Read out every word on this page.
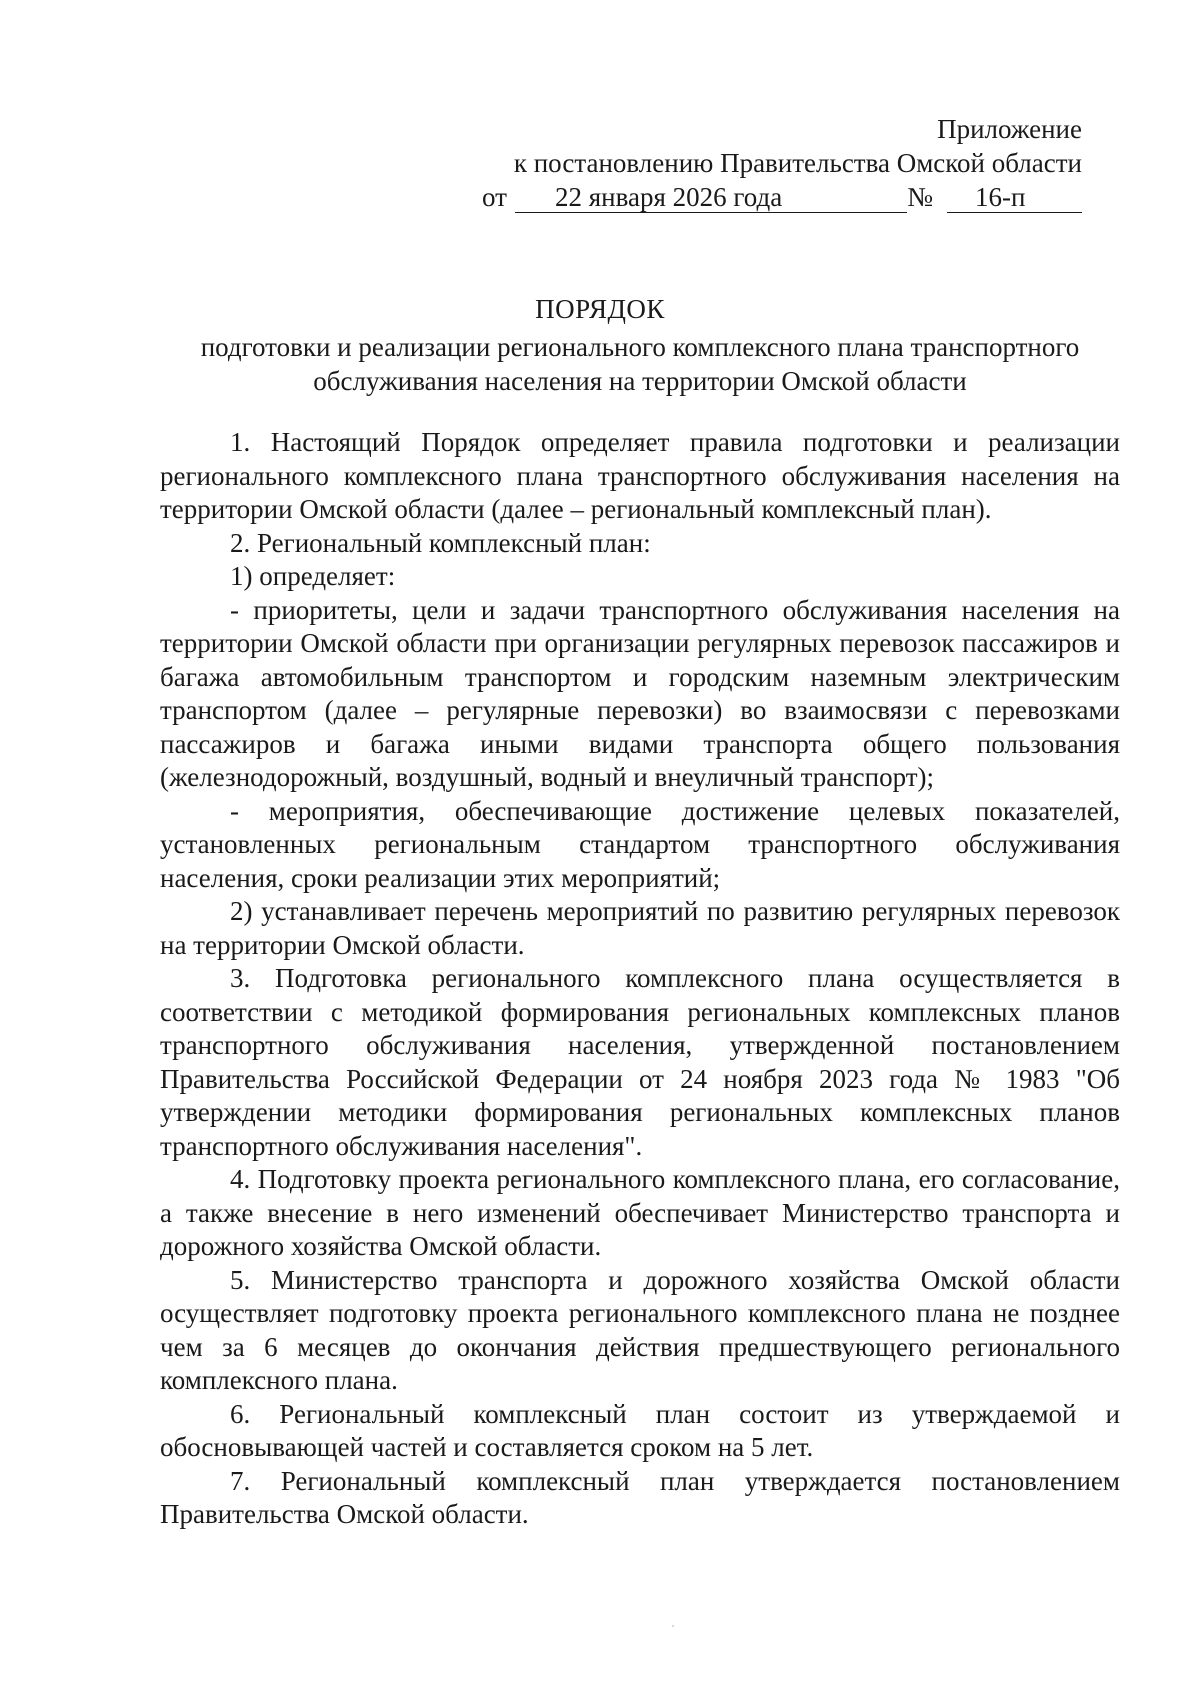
Приложение
к постановлению Правительства Омской области
от	22 января 2026 года	№	16-п
ПОРЯДОК
подготовки и реализации регионального комплексного плана транспортного обслуживания населения на территории Омской области

1. Настоящий Порядок определяет правила подготовки и реализации регионального комплексного плана транспортного обслуживания населения на территории Омской области (далее – региональный комплексный план).

2. Региональный комплексный план:

1) определяет:

- приоритеты, цели и задачи транспортного обслуживания населения на территории Омской области при организации регулярных перевозок пассажиров и багажа автомобильным транспортом и городским наземным электрическим транспортом (далее – регулярные перевозки) во взаимосвязи с перевозками пассажиров и багажа иными видами транспорта общего пользования (железнодорожный, воздушный, водный и внеуличный транспорт);

- мероприятия, обеспечивающие достижение целевых показателей, установленных региональным стандартом транспортного обслуживания населения, сроки реализации этих мероприятий;

2) устанавливает перечень мероприятий по развитию регулярных перевозок на территории Омской области.

3. Подготовка регионального комплексного плана осуществляется в соответствии с методикой формирования региональных комплексных планов транспортного обслуживания населения, утвержденной постановлением Правительства Российской Федерации от 24 ноября 2023 года № 1983 "Об утверждении методики формирования региональных комплексных планов транспортного обслуживания населения".

4. Подготовку проекта регионального комплексного плана, его согласование, а также внесение в него изменений обеспечивает Министерство транспорта и дорожного хозяйства Омской области.

5. Министерство транспорта и дорожного хозяйства Омской области осуществляет подготовку проекта регионального комплексного плана не позднее чем за 6 месяцев до окончания действия предшествующего регионального комплексного плана.

6. Региональный комплексный план состоит из утверждаемой и обосновывающей частей и составляется сроком на 5 лет.

7. Региональный комплексный план утверждается постановлением Правительства Омской области.
